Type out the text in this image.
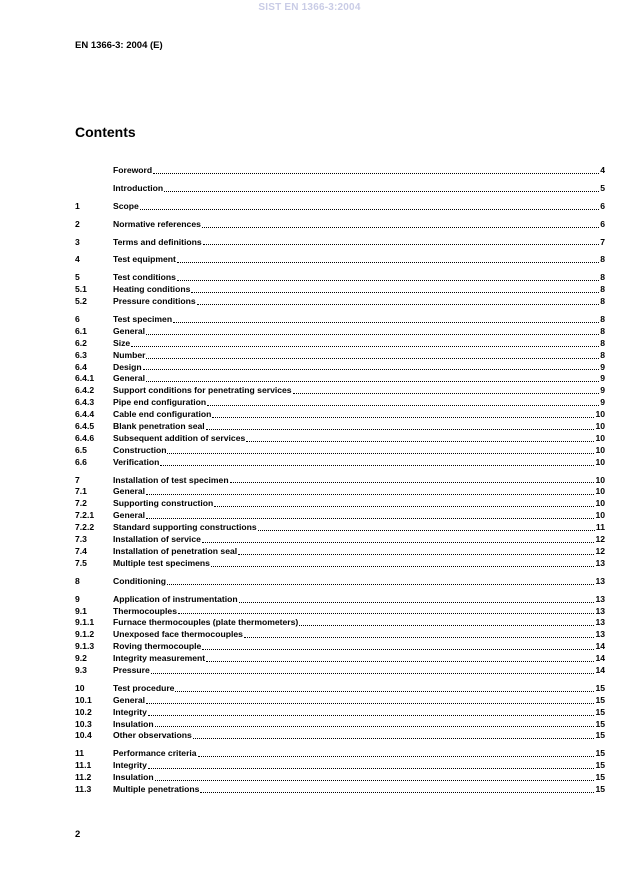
SIST EN 1366-3:2004
EN 1366-3: 2004 (E)
Contents
Foreword	4
Introduction	5
1	Scope	6
2	Normative references	6
3	Terms and definitions	7
4	Test equipment	8
5	Test conditions	8
5.1	Heating conditions	8
5.2	Pressure conditions	8
6	Test specimen	8
6.1	General	8
6.2	Size	8
6.3	Number	8
6.4	Design	9
6.4.1	General	9
6.4.2	Support conditions for penetrating services	9
6.4.3	Pipe end configuration	9
6.4.4	Cable end configuration	10
6.4.5	Blank penetration seal	10
6.4.6	Subsequent addition of services	10
6.5	Construction	10
6.6	Verification	10
7	Installation of test specimen	10
7.1	General	10
7.2	Supporting construction	10
7.2.1	General	10
7.2.2	Standard supporting constructions	11
7.3	Installation of service	12
7.4	Installation of penetration seal	12
7.5	Multiple test specimens	13
8	Conditioning	13
9	Application of instrumentation	13
9.1	Thermocouples	13
9.1.1	Furnace thermocouples (plate thermometers)	13
9.1.2	Unexposed face thermocouples	13
9.1.3	Roving thermocouple	14
9.2	Integrity measurement	14
9.3	Pressure	14
10	Test procedure	15
10.1	General	15
10.2	Integrity	15
10.3	Insulation	15
10.4	Other observations	15
11	Performance criteria	15
11.1	Integrity	15
11.2	Insulation	15
11.3	Multiple penetrations	15
2
